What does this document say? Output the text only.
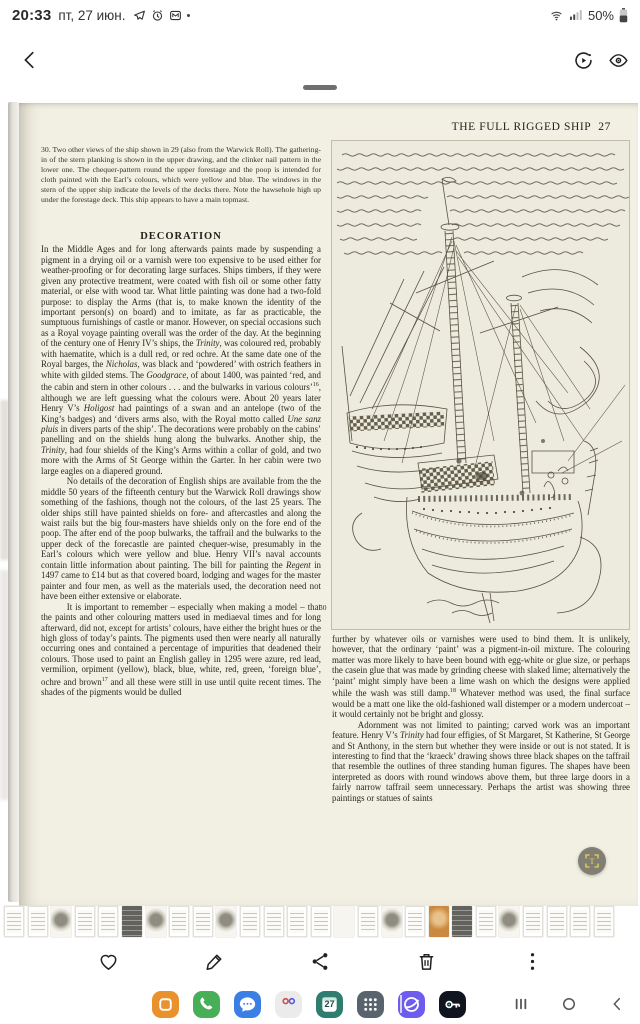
20:33 пт, 27 июн.	50%
THE FULL RIGGED SHIP 27
30. Two other views of the ship shown in 29 (also from the Warwick Roll). The gathering-in of the stern planking is shown in the upper drawing, and the clinker nail pattern in the lower one. The chequer-pattern round the upper forestage and the poop is intended for cloth painted with the Earl’s colours, which were yellow and blue. The windows in the stern of the upper ship indicate the levels of the decks there. Note the hawsehole high up under the forestage deck. This ship appears to have a main topmast.
DECORATION

In the Middle Ages and for long afterwards paints made by suspending a pigment in a drying oil or a varnish were too expensive to be used either for weather-proofing or for decorating large surfaces. Ships timbers, if they were given any protective treatment, were coated with fish oil or some other fatty material, or else with wood tar. What little painting was done had a two-fold purpose: to display the Arms (that is, to make known the identity of the important person(s) on board) and to imitate, as far as practicable, the sumptuous furnishings of castle or manor. However, on special occasions such as a Royal voyage painting overall was the order of the day. At the beginning of the century one of Henry IV’s ships, the Trinity, was coloured red, probably with haematite, which is a dull red, or red ochre. At the same date one of the Royal barges, the Nicholas, was black and ‘powdered’ with ostrich feathers in white with gilded stems. The Goodgrace, of about 1400, was painted ‘red, and the cabin and stern in other colours . . . and the bulwarks in various colours’$^{16}$, although we are left guessing what the colours were. About 20 years later Henry V’s Holigost had paintings of a swan and an antelope (two of the King’s badges) and ‘divers arms also, with the Royal motto called Une sanz pluis in divers parts of the ship’. The decorations were probably on the cabins’ panelling and on the shields hung along the bulwarks. Another ship, the Trinity, had four shields of the King’s Arms within a collar of gold, and two more with the Arms of St George within the Garter. In her cabin were two large eagles on a diapered ground.

No details of the decoration of English ships are available from the the middle 50 years of the fifteenth century but the Warwick Roll drawings show something of the fashions, though not the colours, of the last 25 years. The older ships still have painted shields on fore- and aftercastles and along the waist rails but the big four-masters have shields only on the fore end of the poop. The after end of the poop bulwarks, the taffrail and the bulwarks to the upper deck of the forecastle are painted chequer-wise, presumably in the Earl’s colours which were yellow and blue. Henry VII’s naval accounts contain little information about painting. The bill for painting the Regent in 1497 came to £14 but as that covered board, lodging and wages for the master painter and four men, as well as the materials used, the decoration need not have been either extensive or elaborate.

It is important to remember – especially when making a model – that the paints and other colouring matters used in mediaeval times and for long afterward, did not, except for artists’ colours, have either the bright hues or the high gloss of today’s paints. The pigments used then were nearly all naturally occurring ones and contained a percentage of impurities that deadened their colours. Those used to paint an English galley in 1295 were azure, red lead, vermilion, orpiment (yellow), black, blue, white, red, green, ‘foreign blue’, ochre and brown$^{17}$ and all these were still in use until quite recent times. The shades of the pigments would be dulled

30

further by whatever oils or varnishes were used to bind them. It is unlikely, however, that the ordinary ‘paint’ was a pigment-in-oil mixture. The colouring matter was more likely to have been bound with egg-white or glue size, or perhaps the casein glue that was made by grinding cheese with slaked lime; alternatively the ‘paint’ might simply have been a lime wash on which the designs were applied while the wash was still damp.$^{18}$ Whatever method was used, the final surface would be a matt one like the old-fashioned wall distemper or a modern undercoat – it would certainly not be bright and glossy.

Adornment was not limited to painting; carved work was an important feature. Henry V’s Trinity had four effigies, of St Margaret, St Katherine, St George and St Anthony, in the stern but whether they were inside or out is not stated. It is interesting to find that the ‘kraeck’ drawing shows three black shapes on the taffrail that resemble the outlines of three standing human figures. The shapes have been interpreted as doors with round windows above them, but three large doors in a fairly narrow taffrail seem unnecessary. Perhaps the artist was showing three paintings or statues of saints

T
27
